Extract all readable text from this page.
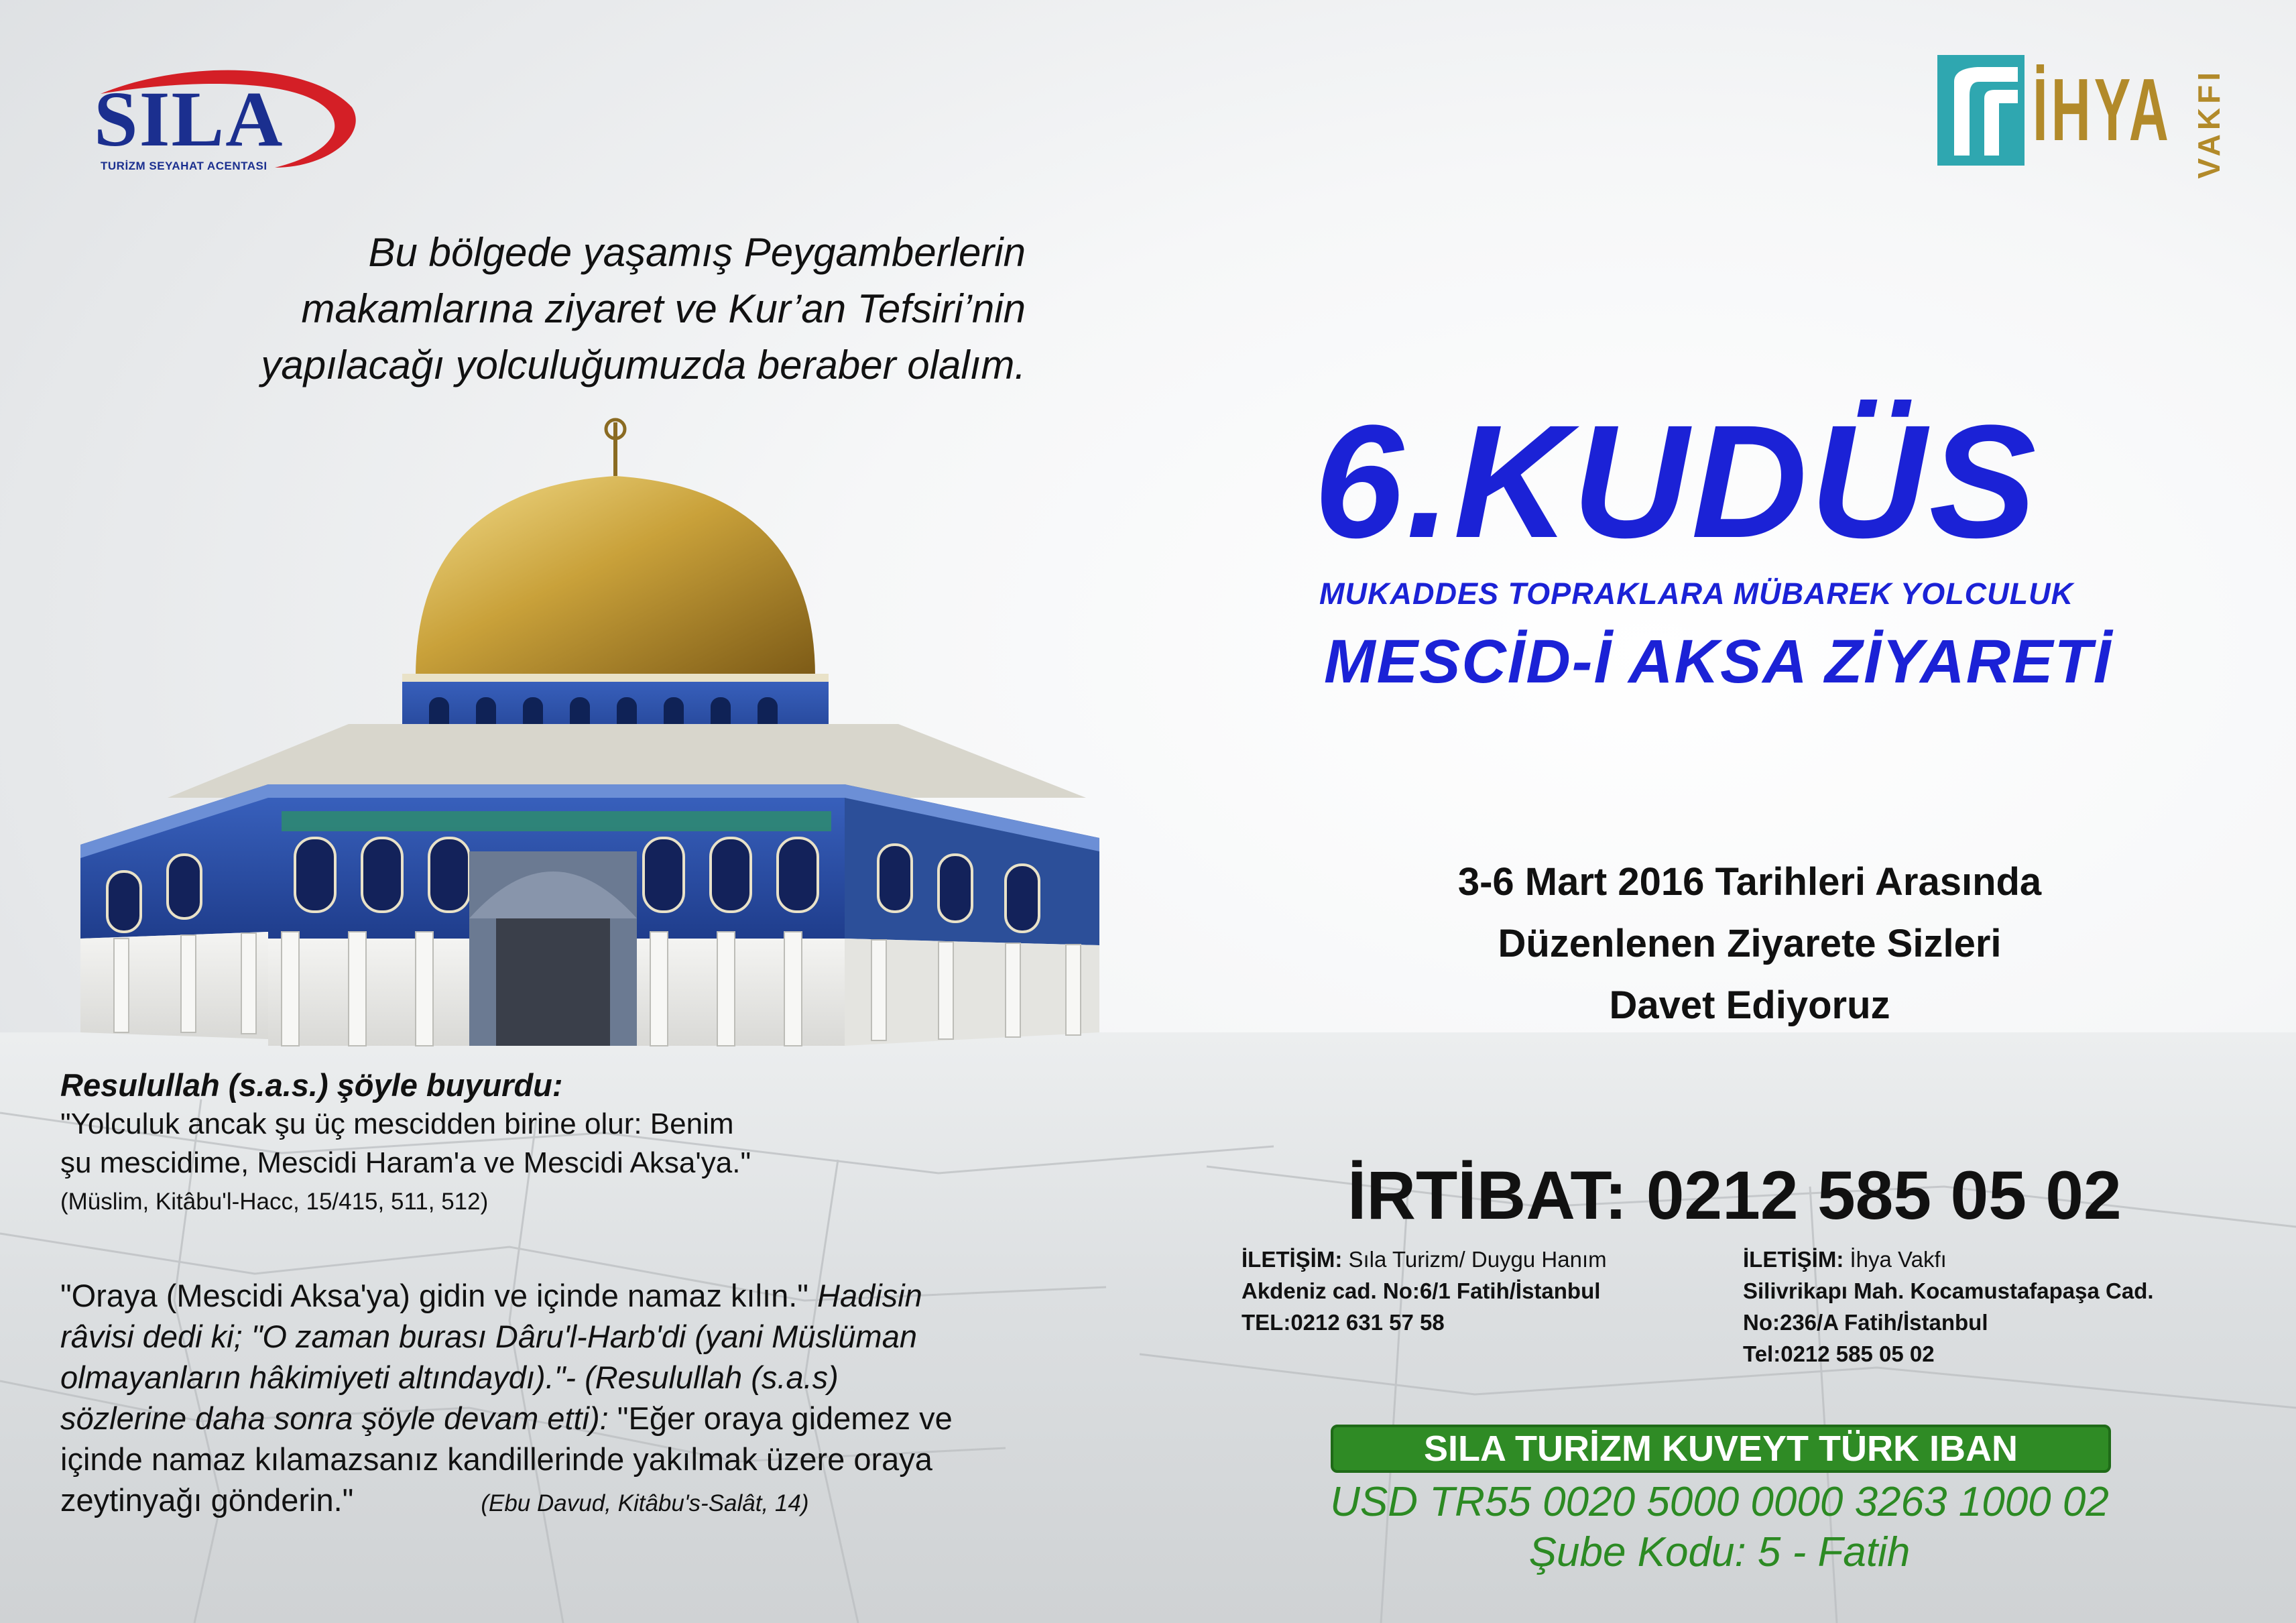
SILA
TURİZM SEYAHAT ACENTASI
İHYA VAKFI
Bu bölgede yaşamış Peygamberlerin
makamlarına ziyaret ve Kur’an Tefsiri’nin
yapılacağı yolculuğumuzda beraber olalım.
6.KUDÜS
MUKADDES TOPRAKLARA MÜBAREK YOLCULUK
MESCİD-İ AKSA ZİYARETİ
3-6 Mart 2016 Tarihleri Arasında
Düzenlenen Ziyarete Sizleri
Davet Ediyoruz
İRTİBAT: 0212 585 05 02
İLETİŞİM: Sıla Turizm/ Duygu Hanım
Akdeniz cad. No:6/1 Fatih/İstanbul
TEL:0212 631 57 58
İLETİŞİM: İhya Vakfı
Silivrikapı Mah. Kocamustafapaşa Cad.
No:236/A Fatih/İstanbul
Tel:0212 585 05 02
SILA TURİZM KUVEYT TÜRK IBAN
USD TR55 0020 5000 0000 3263 1000 02
Şube Kodu: 5 - Fatih
Resulullah (s.a.s.) şöyle buyurdu:
"Yolculuk ancak şu üç mescidden birine olur: Benim
şu mescidime, Mescidi Haram'a ve Mescidi Aksa'ya."
(Müslim, Kitâbu'l-Hacc, 15/415, 511, 512)
"Oraya (Mescidi Aksa'ya) gidin ve içinde namaz kılın." Hadisin
râvisi dedi ki; "O zaman burası Dâru'l-Harb'di (yani Müslüman
olmayanların hâkimiyeti altındaydı)."- (Resulullah (s.a.s)
sözlerine daha sonra şöyle devam etti): "Eğer oraya gidemez ve
içinde namaz kılamazsanız kandillerinde yakılmak üzere oraya
zeytinyağı gönderin."	(Ebu Davud, Kitâbu's-Salât, 14)
